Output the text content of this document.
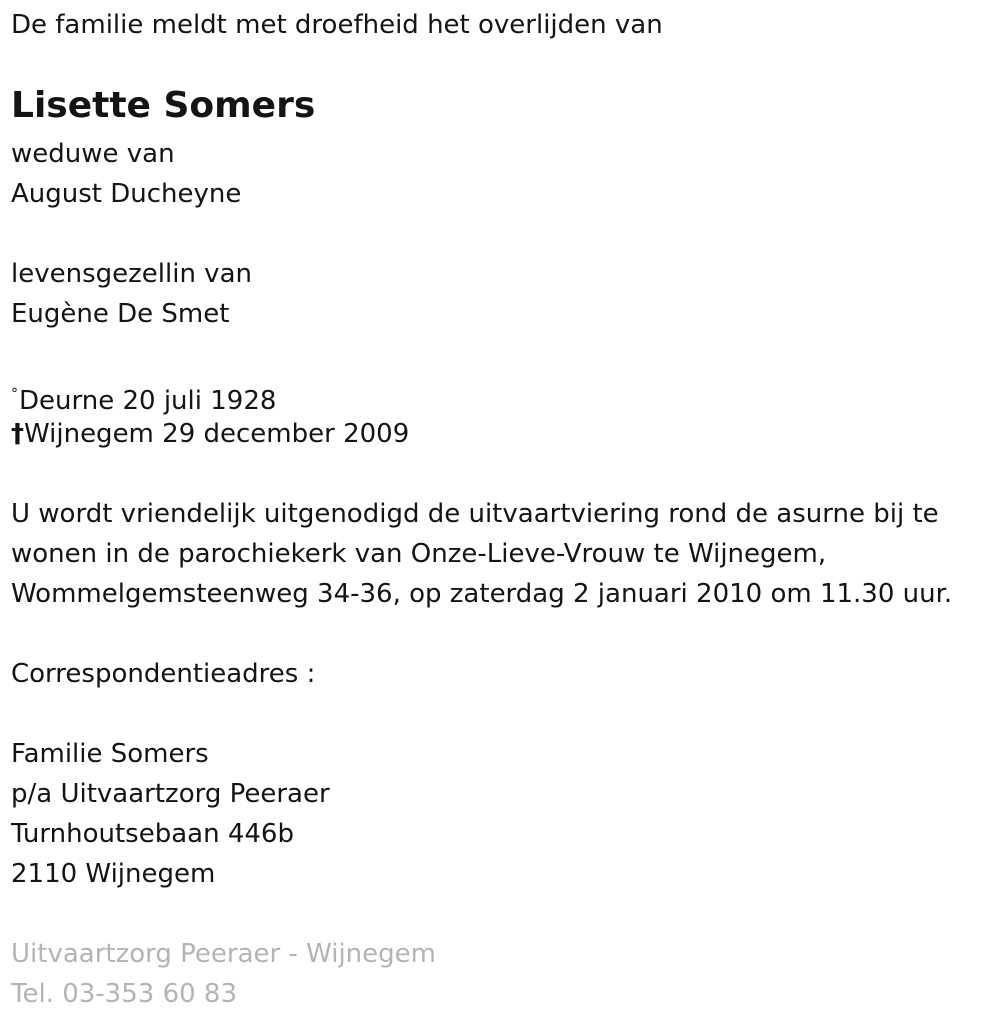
De familie meldt met droefheid het overlijden van
Lisette Somers
weduwe van
August Ducheyne
levensgezellin van
Eugène De Smet
°Deurne 20 juli 1928
†Wijnegem 29 december 2009
U wordt vriendelijk uitgenodigd de uitvaartviering rond de asurne bij te
wonen in de parochiekerk van Onze-Lieve-Vrouw te Wijnegem,
Wommelgemsteenweg 34-36, op zaterdag 2 januari 2010 om 11.30 uur.
Correspondentieadres :
Familie Somers
p/a Uitvaartzorg Peeraer
Turnhoutsebaan 446b
2110 Wijnegem
Uitvaartzorg Peeraer - Wijnegem
Tel. 03-353 60 83
